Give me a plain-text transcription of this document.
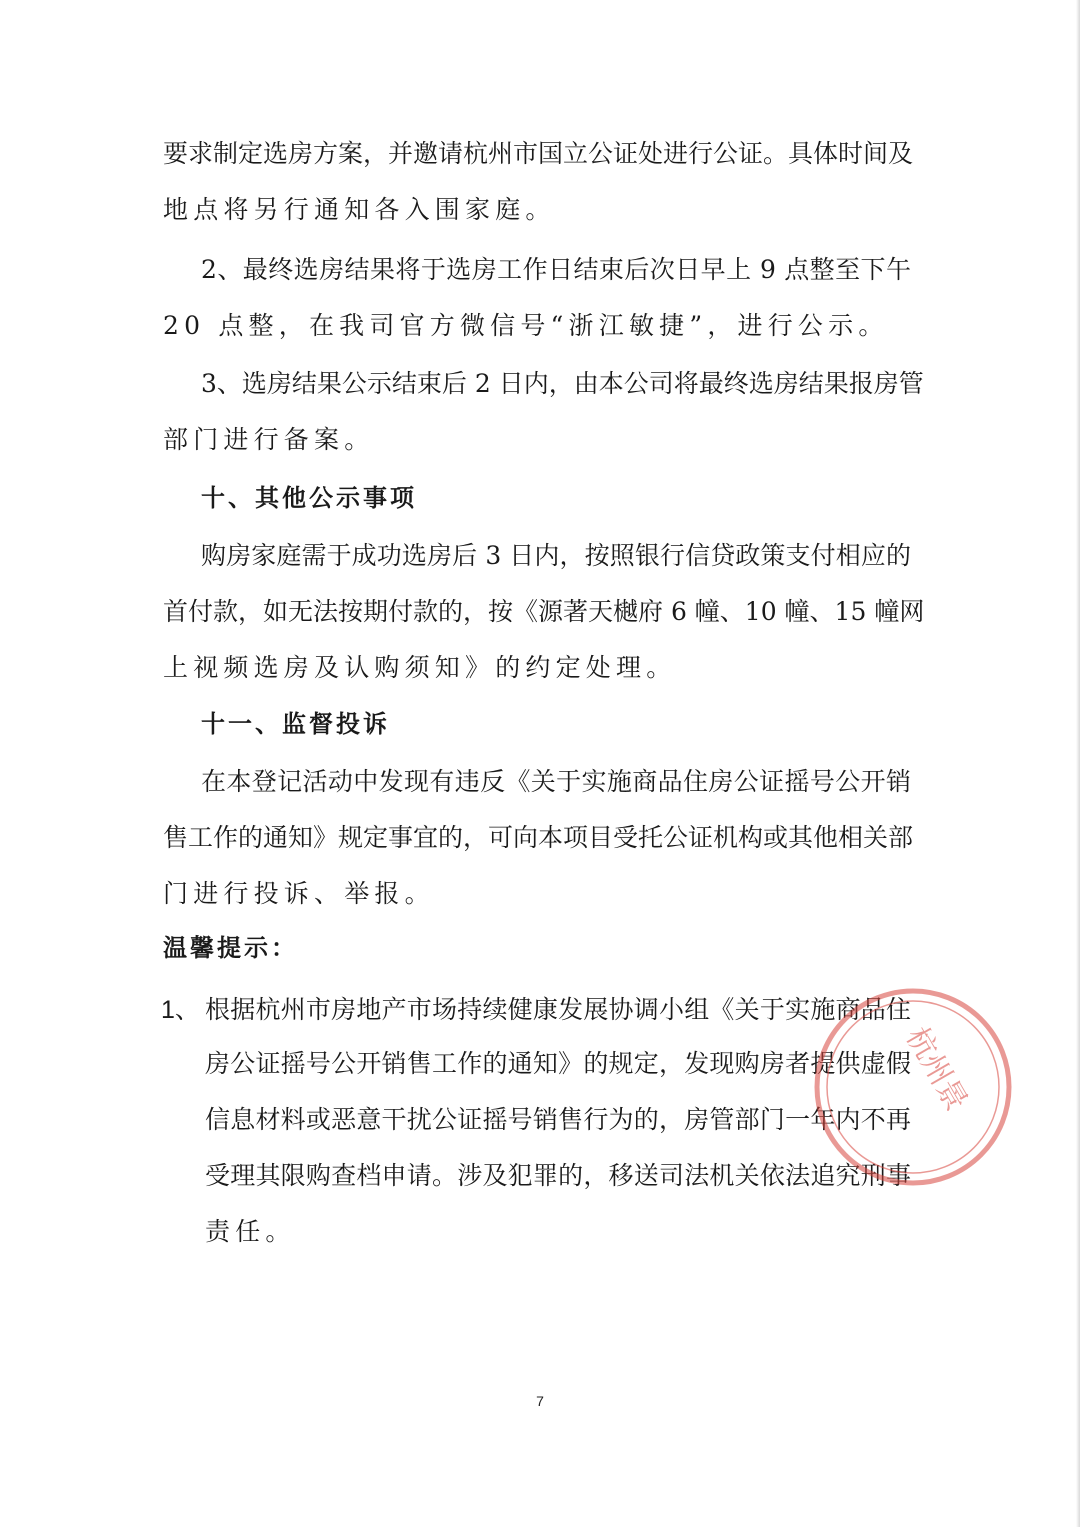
要求制定选房方案，并邀请杭州市国立公证处进行公证。具体时间及
地点将另行通知各入围家庭。
2、最终选房结果将于选房工作日结束后次日早上 9 点整至下午
20 点整，在我司官方微信号“浙江敏捷”，进行公示。
3、选房结果公示结束后 2 日内，由本公司将最终选房结果报房管
部门进行备案。
十、其他公示事项
购房家庭需于成功选房后 3 日内，按照银行信贷政策支付相应的
首付款，如无法按期付款的，按《源著天樾府 6 幢、10 幢、15 幢网
上视频选房及认购须知》的约定处理。
十一、监督投诉
在本登记活动中发现有违反《关于实施商品住房公证摇号公开销
售工作的通知》规定事宜的，可向本项目受托公证机构或其他相关部
门进行投诉、举报。
温馨提示：
1、 根据杭州市房地产市场持续健康发展协调小组《关于实施商品住
房公证摇号公开销售工作的通知》的规定，发现购房者提供虚假
信息材料或恶意干扰公证摇号销售行为的，房管部门一年内不再
受理其限购查档申请。涉及犯罪的，移送司法机关依法追究刑事
责任。
杭州景
7
